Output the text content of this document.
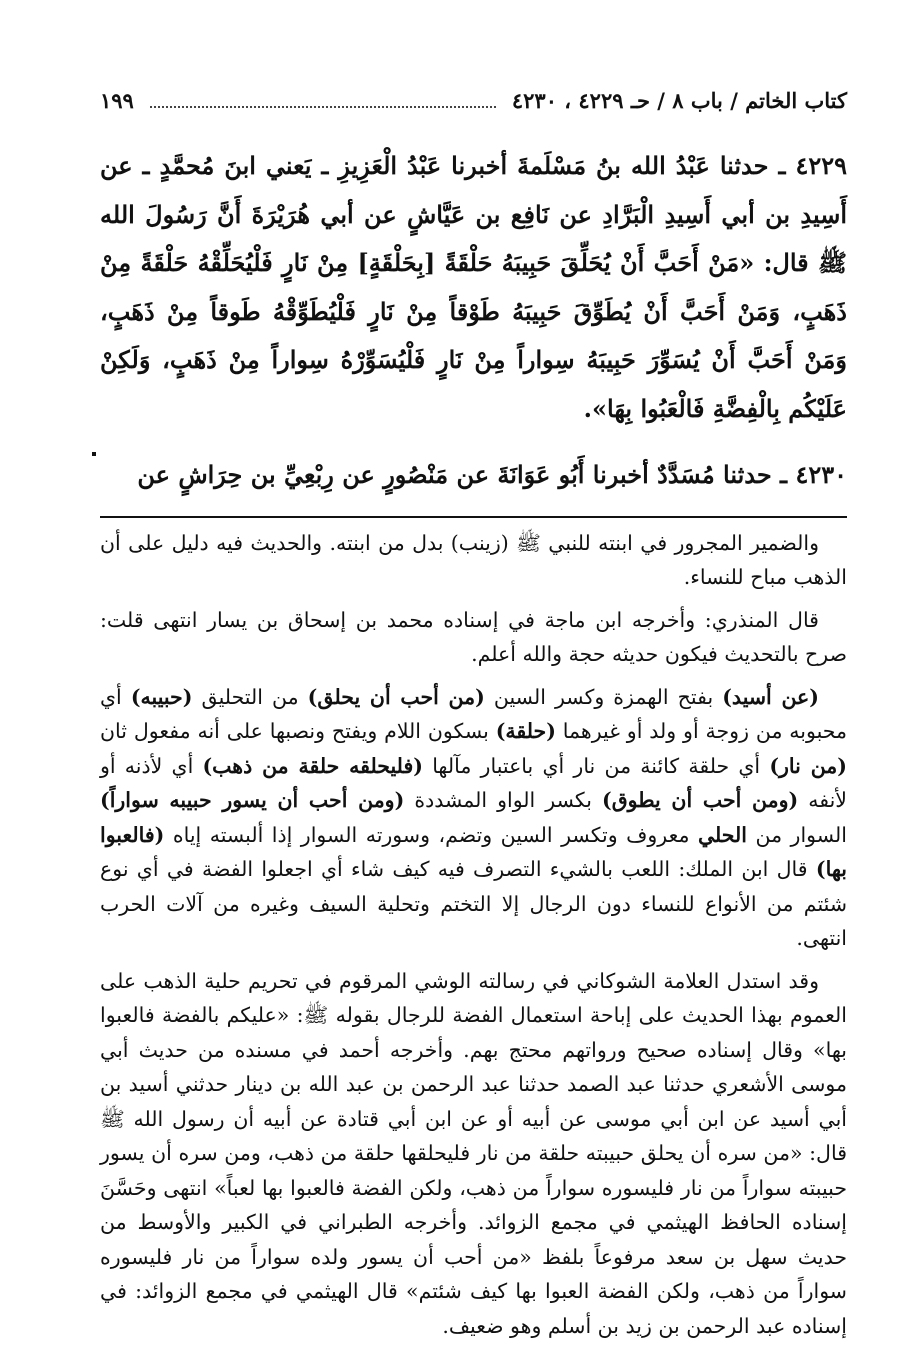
كتاب الخاتم / باب ٨ / حـ ٤٢٢٩ ، ٤٢٣٠
١٩٩

٤٢٢٩ ـ حدثنا عَبْدُ الله بنُ مَسْلَمةَ أخبرنا عَبْدُ الْعَزِيزِ ـ يَعني ابنَ مُحمَّدٍ ـ عن أَسِيدِ بن أبي أَسِيدِ الْبَرَّادِ عن نَافِع بن عَيَّاشٍ عن أبي هُرَيْرَةَ أَنَّ رَسُولَ الله ﷺ قال: «مَنْ أَحَبَّ أَنْ يُحَلِّقَ حَبِيبَهُ حَلْقَةً [بِحَلْقَةٍ] مِنْ نَارٍ فَلْيُحَلِّقْهُ حَلْقَةً مِنْ ذَهَبٍ، وَمَنْ أَحَبَّ أَنْ يُطَوِّقَ حَبِيبَهُ طَوْقاً مِنْ نَارٍ فَلْيُطَوِّقْهُ طَوقاً مِنْ ذَهَبٍ، وَمَنْ أَحَبَّ أَنْ يُسَوِّرَ حَبِيبَهُ سِواراً مِنْ نَارٍ فَلْيُسَوِّرْهُ سِواراً مِنْ ذَهَبٍ، وَلَكِنْ عَلَيْكُم بِالْفِضَّةِ فَالْعَبُوا بِهَا».

٤٢٣٠ ـ حدثنا مُسَدَّدٌ أخبرنا أَبُو عَوَانَةَ عن مَنْصُورٍ عن رِبْعِيِّ بن حِرَاشٍ عن

والضمير المجرور في ابنته للنبي ﷺ (زينب) بدل من ابنته. والحديث فيه دليل على أن الذهب مباح للنساء.

قال المنذري: وأخرجه ابن ماجة في إسناده محمد بن إسحاق بن يسار انتهى قلت: صرح بالتحديث فيكون حديثه حجة والله أعلم.

(عن أسيد) بفتح الهمزة وكسر السين (من أحب أن يحلق) من التحليق (حبيبه) أي محبوبه من زوجة أو ولد أو غيرهما (حلقة) بسكون اللام ويفتح ونصبها على أنه مفعول ثان (من نار) أي حلقة كائنة من نار أي باعتبار مآلها (فليحلقه حلقة من ذهب) أي لأذنه أو لأنفه (ومن أحب أن يطوق) بكسر الواو المشددة (ومن أحب أن يسور حبيبه سواراً) السوار من الحلي معروف وتكسر السين وتضم، وسورته السوار إذا ألبسته إياه (فالعبوا بها) قال ابن الملك: اللعب بالشيء التصرف فيه كيف شاء أي اجعلوا الفضة في أي نوع شئتم من الأنواع للنساء دون الرجال إلا التختم وتحلية السيف وغيره من آلات الحرب انتهى.

وقد استدل العلامة الشوكاني في رسالته الوشي المرقوم في تحريم حلية الذهب على العموم بهذا الحديث على إباحة استعمال الفضة للرجال بقوله ﷺ: «عليكم بالفضة فالعبوا بها» وقال إسناده صحيح ورواتهم محتج بهم. وأخرجه أحمد في مسنده من حديث أبي موسى الأشعري حدثنا عبد الصمد حدثنا عبد الرحمن بن عبد الله بن دينار حدثني أسيد بن أبي أسيد عن ابن أبي موسى عن أبيه أو عن ابن أبي قتادة عن أبيه أن رسول الله ﷺ قال: «من سره أن يحلق حبيبته حلقة من نار فليحلقها حلقة من ذهب، ومن سره أن يسور حبيبته سواراً من نار فليسوره سواراً من ذهب، ولكن الفضة فالعبوا بها لعباً» انتهى وحَسَّنَ إسناده الحافظ الهيثمي في مجمع الزوائد. وأخرجه الطبراني في الكبير والأوسط من حديث سهل بن سعد مرفوعاً بلفظ «من أحب أن يسور ولده سواراً من نار فليسوره سواراً من ذهب، ولكن الفضة العبوا بها كيف شئتم» قال الهيثمي في مجمع الزوائد: في إسناده عبد الرحمن بن زيد بن أسلم وهو ضعيف.
